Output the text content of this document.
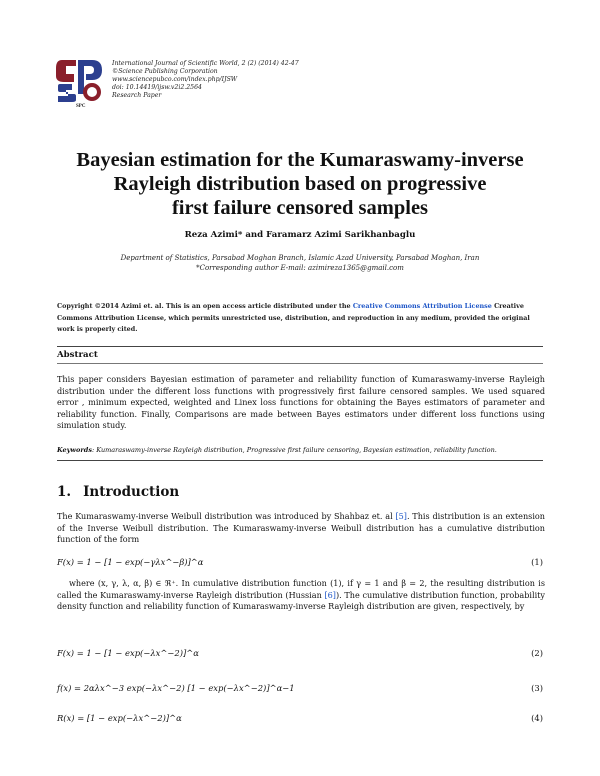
SPC
International Journal of Scientific World, 2 (2) (2014) 42-47
©Science Publishing Corporation
www.sciencepubco.com/index.php/IJSW
doi: 10.14419/ijsw.v2i2.2564
Research Paper
Bayesian estimation for the Kumaraswamy-inverse
Rayleigh distribution based on progressive
first failure censored samples
Reza Azimi* and Faramarz Azimi Sarikhanbaglu
Department of Statistics, Parsabad Moghan Branch, Islamic Azad University, Parsabad Moghan, Iran
*Corresponding author E-mail: azimireza1365@gmail.com
Copyright ©2014 Azimi et. al. This is an open access article distributed under the Creative Commons Attribution License Creative Commons Attribution License, which permits unrestricted use, distribution, and reproduction in any medium, provided the original work is properly cited.
Abstract
This paper considers Bayesian estimation of parameter and reliability function of Kumaraswamy-inverse Rayleigh distribution under the different loss functions with progressively first failure censored samples. We used squared error , minimum expected, weighted and Linex loss functions for obtaining the Bayes estimators of parameter and reliability function. Finally, Comparisons are made between Bayes estimators under different loss functions using simulation study.
Keywords: Kumaraswamy-inverse Rayleigh distribution, Progressive first failure censoring, Bayesian estimation, reliability function.
1. Introduction
The Kumaraswamy-inverse Weibull distribution was introduced by Shahbaz et. al [5]. This distribution is an extension of the Inverse Weibull distribution. The Kumaraswamy-inverse Weibull distribution has a cumulative distribution function of the form
F(x) = 1 − [1 − exp(−γλx^−β)]^α	(1)
where (x, γ, λ, α, β) ∈ ℜ⁺. In cumulative distribution function (1), if γ = 1 and β = 2, the resulting distribution is called the Kumaraswamy-inverse Rayleigh distribution (Hussian [6]). The cumulative distribution function, probability density function and reliability function of Kumaraswamy-inverse Rayleigh distribution are given, respectively, by
F(x) = 1 − [1 − exp(−λx^−2)]^α	(2)
f(x) = 2αλx^−3 exp(−λx^−2) [1 − exp(−λx^−2)]^α−1	(3)
R(x) = [1 − exp(−λx^−2)]^α	(4)
